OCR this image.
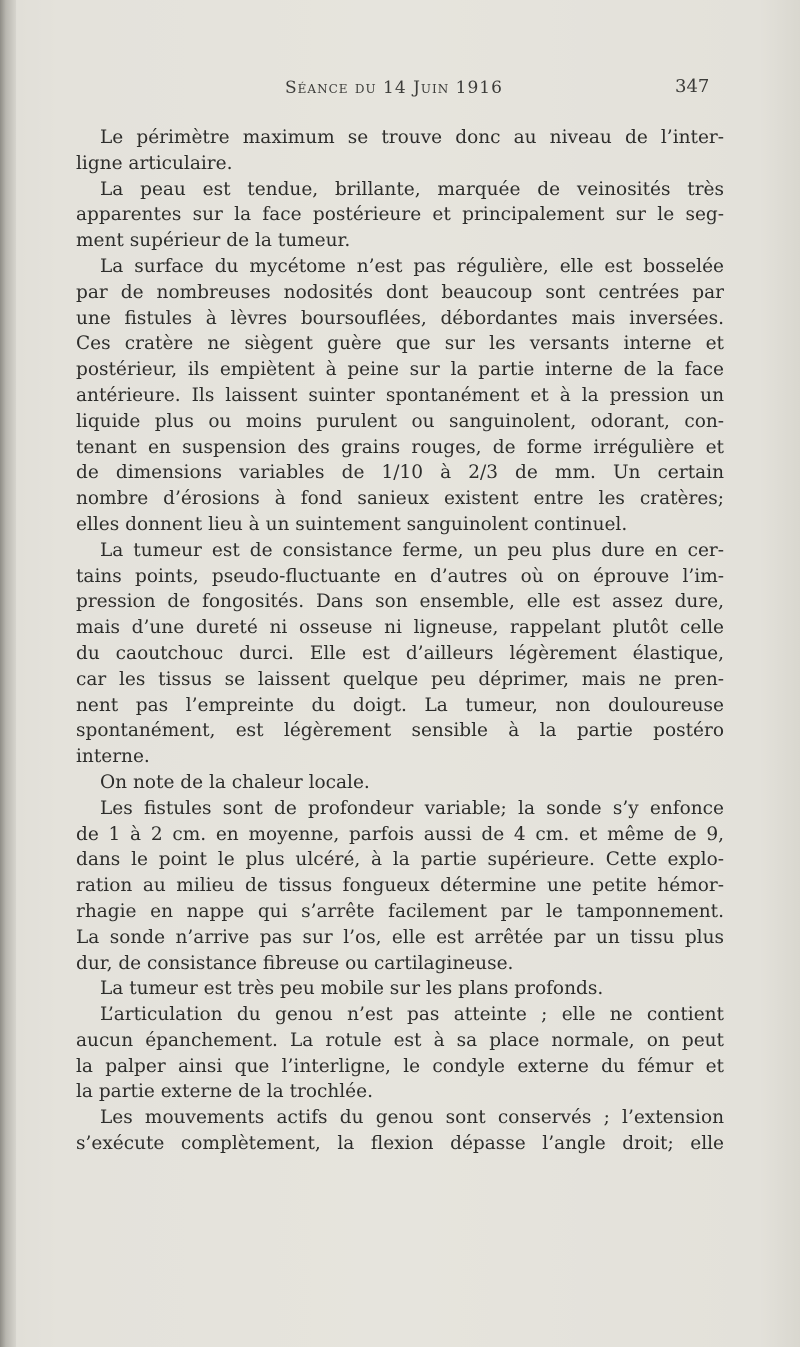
Séance du 14 Juin 1916	347
Le périmètre maximum se trouve donc au niveau de l’inter-
ligne articulaire.
La peau est tendue, brillante, marquée de veinosités très
apparentes sur la face postérieure et principalement sur le seg-
ment supérieur de la tumeur.
La surface du mycétome n’est pas régulière, elle est bosselée
par de nombreuses nodosités dont beaucoup sont centrées par
une fistules à lèvres boursouflées, débordantes mais inversées.
Ces cratère ne siègent guère que sur les versants interne et
postérieur, ils empiètent à peine sur la partie interne de la face
antérieure. Ils laissent suinter spontanément et à la pression un
liquide plus ou moins purulent ou sanguinolent, odorant, con-
tenant en suspension des grains rouges, de forme irrégulière et
de dimensions variables de 1/10 à 2/3 de mm. Un certain
nombre d’érosions à fond sanieux existent entre les cratères;
elles donnent lieu à un suintement sanguinolent continuel.
La tumeur est de consistance ferme, un peu plus dure en cer-
tains points, pseudo-fluctuante en d’autres où on éprouve l’im-
pression de fongosités. Dans son ensemble, elle est assez dure,
mais d’une dureté ni osseuse ni ligneuse, rappelant plutôt celle
du caoutchouc durci. Elle est d’ailleurs légèrement élastique,
car les tissus se laissent quelque peu déprimer, mais ne pren-
nent pas l’empreinte du doigt. La tumeur, non douloureuse
spontanément, est légèrement sensible à la partie postéro
interne.
On note de la chaleur locale.
Les fistules sont de profondeur variable; la sonde s’y enfonce
de 1 à 2 cm. en moyenne, parfois aussi de 4 cm. et même de 9,
dans le point le plus ulcéré, à la partie supérieure. Cette explo-
ration au milieu de tissus fongueux détermine une petite hémor-
rhagie en nappe qui s’arrête facilement par le tamponnement.
La sonde n’arrive pas sur l’os, elle est arrêtée par un tissu plus
dur, de consistance fibreuse ou cartilagineuse.
La tumeur est très peu mobile sur les plans profonds.
L’articulation du genou n’est pas atteinte ; elle ne contient
aucun épanchement. La rotule est à sa place normale, on peut
la palper ainsi que l’interligne, le condyle externe du fémur et
la partie externe de la trochlée.
Les mouvements actifs du genou sont conservés ; l’extension
s’exécute complètement, la flexion dépasse l’angle droit; elle
